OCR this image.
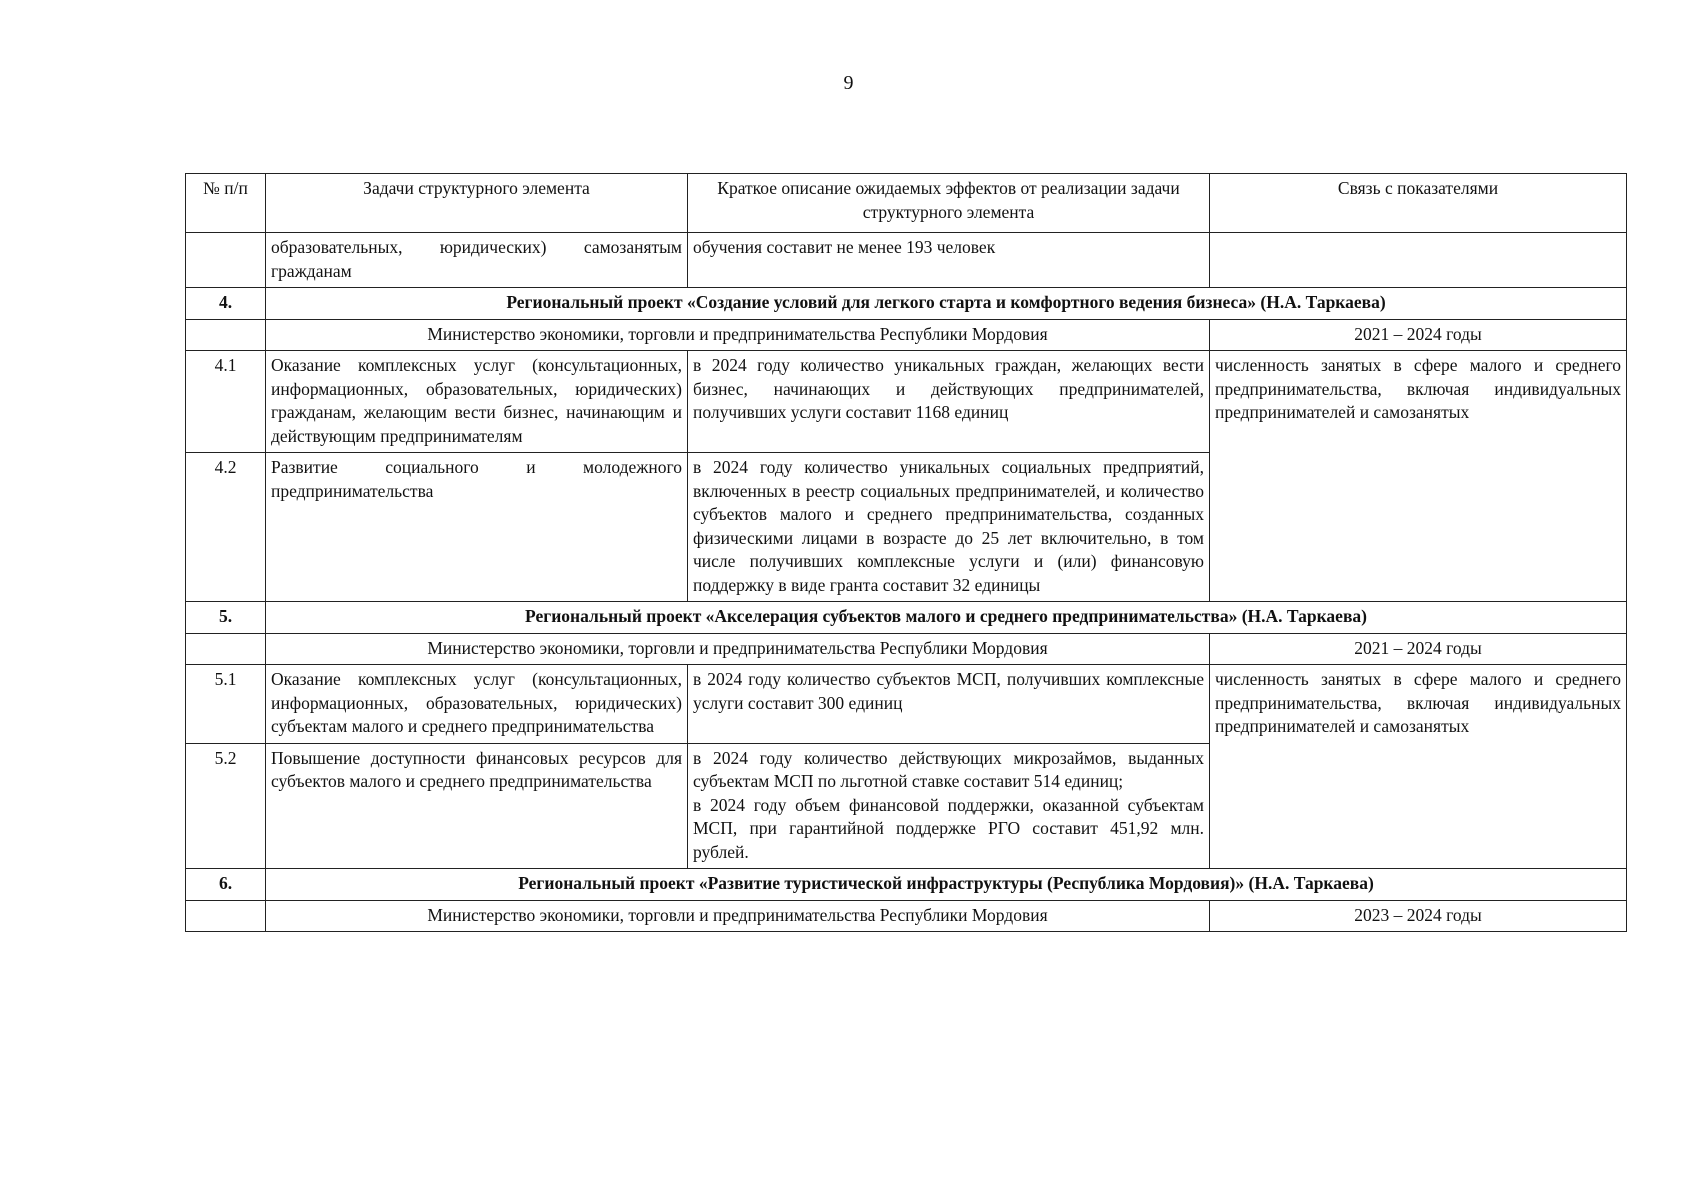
9
№ п/п	Задачи структурного элемента	Краткое описание ожидаемых эффектов от реализации задачи структурного элемента	Связь с показателями
	образовательных, юридических) самозанятым гражданам	обучения составит не менее 193 человек	
4.	Региональный проект «Создание условий для легкого старта и комфортного ведения бизнеса» (Н.А. Таркаева)		
	Министерство экономики, торговли и предпринимательства Республики Мордовия		2021 – 2024 годы
4.1	Оказание комплексных услуг (консультационных, информационных, образовательных, юридических) гражданам, желающим вести бизнес, начинающим и действующим предпринимателям	в 2024 году количество уникальных граждан, желающих вести бизнес, начинающих и действующих предпринимателей, получивших услуги составит 1168 единиц	численность занятых в сфере малого и среднего предпринимательства, включая индивидуальных предпринимателей и самозанятых
4.2	Развитие социального и молодежного предпринимательства	в 2024 году количество уникальных социальных предприятий, включенных в реестр социальных предпринимателей, и количество субъектов малого и среднего предпринимательства, созданных физическими лицами в возрасте до 25 лет включительно, в том числе получивших комплексные услуги и (или) финансовую поддержку в виде гранта составит 32 единицы	
5.	Региональный проект «Акселерация субъектов малого и среднего предпринимательства» (Н.А. Таркаева)		
	Министерство экономики, торговли и предпринимательства Республики Мордовия		2021 – 2024 годы
5.1	Оказание комплексных услуг (консультационных, информационных, образовательных, юридических) субъектам малого и среднего предпринимательства	в 2024 году количество субъектов МСП, получивших комплексные услуги составит 300 единиц	численность занятых в сфере малого и среднего предпринимательства, включая индивидуальных предпринимателей и самозанятых
5.2	Повышение доступности финансовых ресурсов для субъектов малого и среднего предпринимательства	в 2024 году количество действующих микрозаймов, выданных субъектам МСП по льготной ставке составит 514 единиц;
в 2024 году объем финансовой поддержки, оказанной субъектам МСП, при гарантийной поддержке РГО составит 451,92 млн. рублей.	

6.	Региональный проект «Развитие туристической инфраструктуры (Республика Мордовия)» (Н.А. Таркаева)		
	Министерство экономики, торговли и предпринимательства Республики Мордовия		2023 – 2024 годы
